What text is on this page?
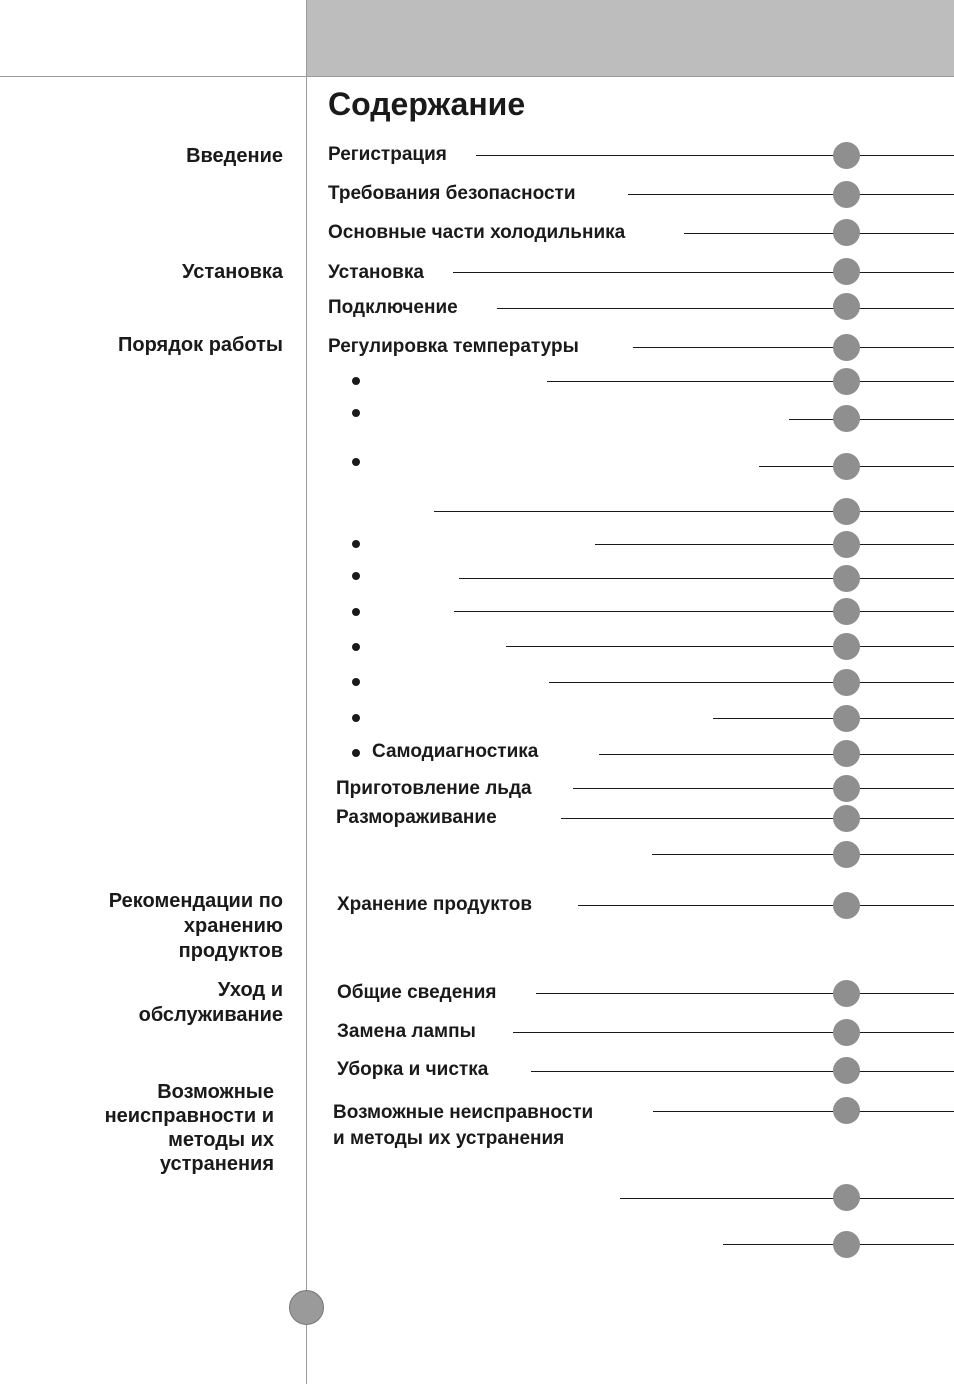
Содержание
Введение
Установка
Порядок работы
Рекомендации по
хранению
продуктов
Уход и
обслуживание
Возможные
неисправности и
методы их
устранения
Регистрация
Требования безопасности
Основные части холодильника
Установка
Подключение
Регулировка температуры
Самодиагностика
Приготовление льда
Размораживание
Хранение продуктов
Общие сведения
Замена лампы
Уборка и чистка
Возможные неисправности
и методы их устранения
